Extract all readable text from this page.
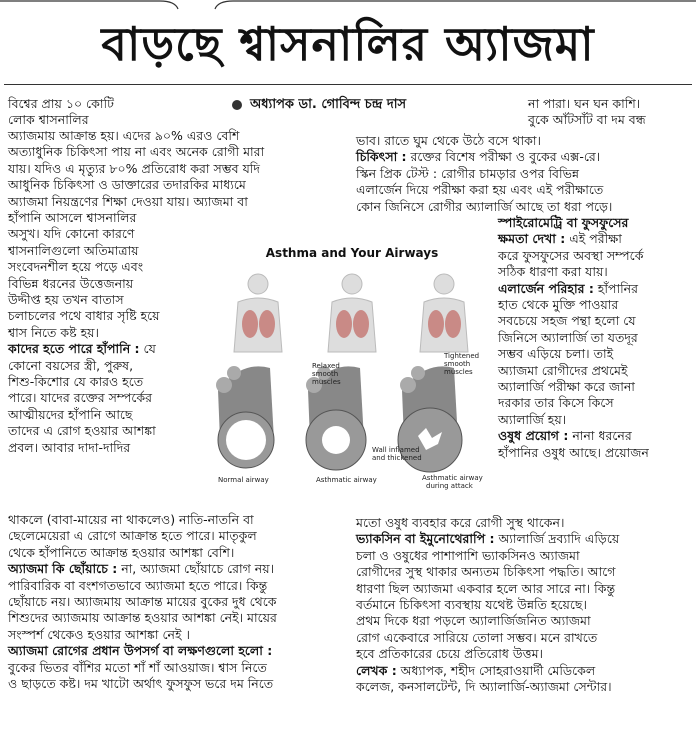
বাড়ছে শ্বাসনালির অ্যাজমা
অধ্যাপক ডা. গোবিন্দ চন্দ্র দাস

বিশ্বের প্রায় ১০ কোটি

লোক শ্বাসনালির

অ্যাজমায় আক্রান্ত হয়। এদের ৯০% এরও বেশি

অত্যাধুনিক চিকিৎসা পায় না এবং অনেক রোগী মারা

যায়। যদিও এ মৃত্যুর ৮০% প্রতিরোধ করা সম্ভব যদি

আধুনিক চিকিৎসা ও ডাক্তারের তদারকির মাধ্যমে

অ্যাজমা নিয়ন্ত্রণের শিক্ষা দেওয়া যায়। অ্যাজমা বা

হাঁপানি আসলে শ্বাসনালির

অসুখ। যদি কোনো কারণে

শ্বাসনালিগুলো অতিমাত্রায়

সংবেদনশীল হয়ে পড়ে এবং

বিভিন্ন ধরনের উত্তেজনায়

উদ্দীপ্ত হয় তখন বাতাস

চলাচলের পথে বাধার সৃষ্টি হয়ে

শ্বাস নিতে কষ্ট হয়।

কাদের হতে পারে হাঁপানি : যে

কোনো বয়সের স্ত্রী, পুরুষ,

শিশু-কিশোর যে কারও হতে

পারে। যাদের রক্তের সম্পর্কের

আত্মীয়দের হাঁপানি আছে

তাদের এ রোগ হওয়ার আশঙ্কা

প্রবল। আবার দাদা-দাদির

থাকলে (বাবা-মায়ের না থাকলেও) নাতি-নাতনি বা

ছেলেমেয়েরা এ রোগে আক্রান্ত হতে পারে। মাতৃকুল

থেকে হাঁপানিতে আক্রান্ত হওয়ার আশঙ্কা বেশি।

অ্যাজমা কি ছোঁয়াচে : না, অ্যাজমা ছোঁয়াচে রোগ নয়।

পারিবারিক বা বংশগতভাবে অ্যাজমা হতে পারে। কিন্তু

ছোঁয়াচে নয়। অ্যাজমায় আক্রান্ত মায়ের বুকের দুধ থেকে

শিশুদের অ্যাজমায় আক্রান্ত হওয়ার আশঙ্কা নেই। মায়ের

সংস্পর্শ থেকেও হওয়ার আশঙ্কা নেই ।

অ্যাজমা রোগের প্রধান উপসর্গ বা লক্ষণগুলো হলো :

বুকের ভিতর বাঁশির মতো শাঁ শাঁ আওয়াজ। শ্বাস নিতে

ও ছাড়তে কষ্ট। দম খাটো অর্থাৎ ফুসফুস ভরে দম নিতে

না পারা। ঘন ঘন কাশি।

বুকে আঁটসাঁট বা দম বন্ধ

ভাব। রাতে ঘুম থেকে উঠে বসে থাকা।

চিকিৎসা : রক্তের বিশেষ পরীক্ষা ও বুকের এক্স-রে।

স্কিন প্রিক টেস্ট : রোগীর চামড়ার ওপর বিভিন্ন

এলার্জেন দিয়ে পরীক্ষা করা হয় এবং এই পরীক্ষাতে

কোন জিনিসে রোগীর অ্যালার্জি আছে তা ধরা পড়ে।

স্পাইরোমেট্রি বা ফুসফুসের

ক্ষমতা দেখা : এই পরীক্ষা

করে ফুসফুসের অবস্থা সম্পর্কে

সঠিক ধারণা করা যায়।

এলার্জেন পরিহার : হাঁপানির

হাত থেকে মুক্তি পাওয়ার

সবচেয়ে সহজ পন্থা হলো যে

জিনিসে অ্যালার্জি তা যতদূর

সম্ভব এড়িয়ে চলা। তাই

অ্যাজমা রোগীদের প্রথমেই

অ্যালার্জি পরীক্ষা করে জানা

দরকার তার কিসে কিসে

অ্যালার্জি হয়।

ওষুধ প্রয়োগ : নানা ধরনের

হাঁপানির ওষুধ আছে। প্রয়োজন

মতো ওষুধ ব্যবহার করে রোগী সুস্থ থাকেন।

ভ্যাকসিন বা ইমুনোথেরাপি : অ্যালার্জি দ্রব্যাদি এড়িয়ে

চলা ও ওষুধের পাশাপাশি ভ্যাকসিনও অ্যাজমা

রোগীদের সুস্থ থাকার অন্যতম চিকিৎসা পদ্ধতি। আগে

ধারণা ছিল অ্যাজমা একবার হলে আর সারে না। কিন্তু

বর্তমানে চিকিৎসা ব্যবস্থায় যথেষ্ট উন্নতি হয়েছে।

প্রথম দিকে ধরা পড়লে অ্যালার্জিজনিত অ্যাজমা

রোগ একেবারে সারিয়ে তোলা সম্ভব। মনে রাখতে

হবে প্রতিকারের চেয়ে প্রতিরোধ উত্তম।

লেখক : অধ্যাপক, শহীদ সোহরাওয়ার্দী মেডিকেল

কলেজ, কনসালটেন্ট, দি অ্যালার্জি-অ্যাজমা সেন্টার।

Asthma and Your Airways
Relaxed
smooth
muscles
Tightened
smooth
muscles
Wall inflamed
and thickened
Normal airway	Asthmatic airway	Asthmatic airway
during attack
